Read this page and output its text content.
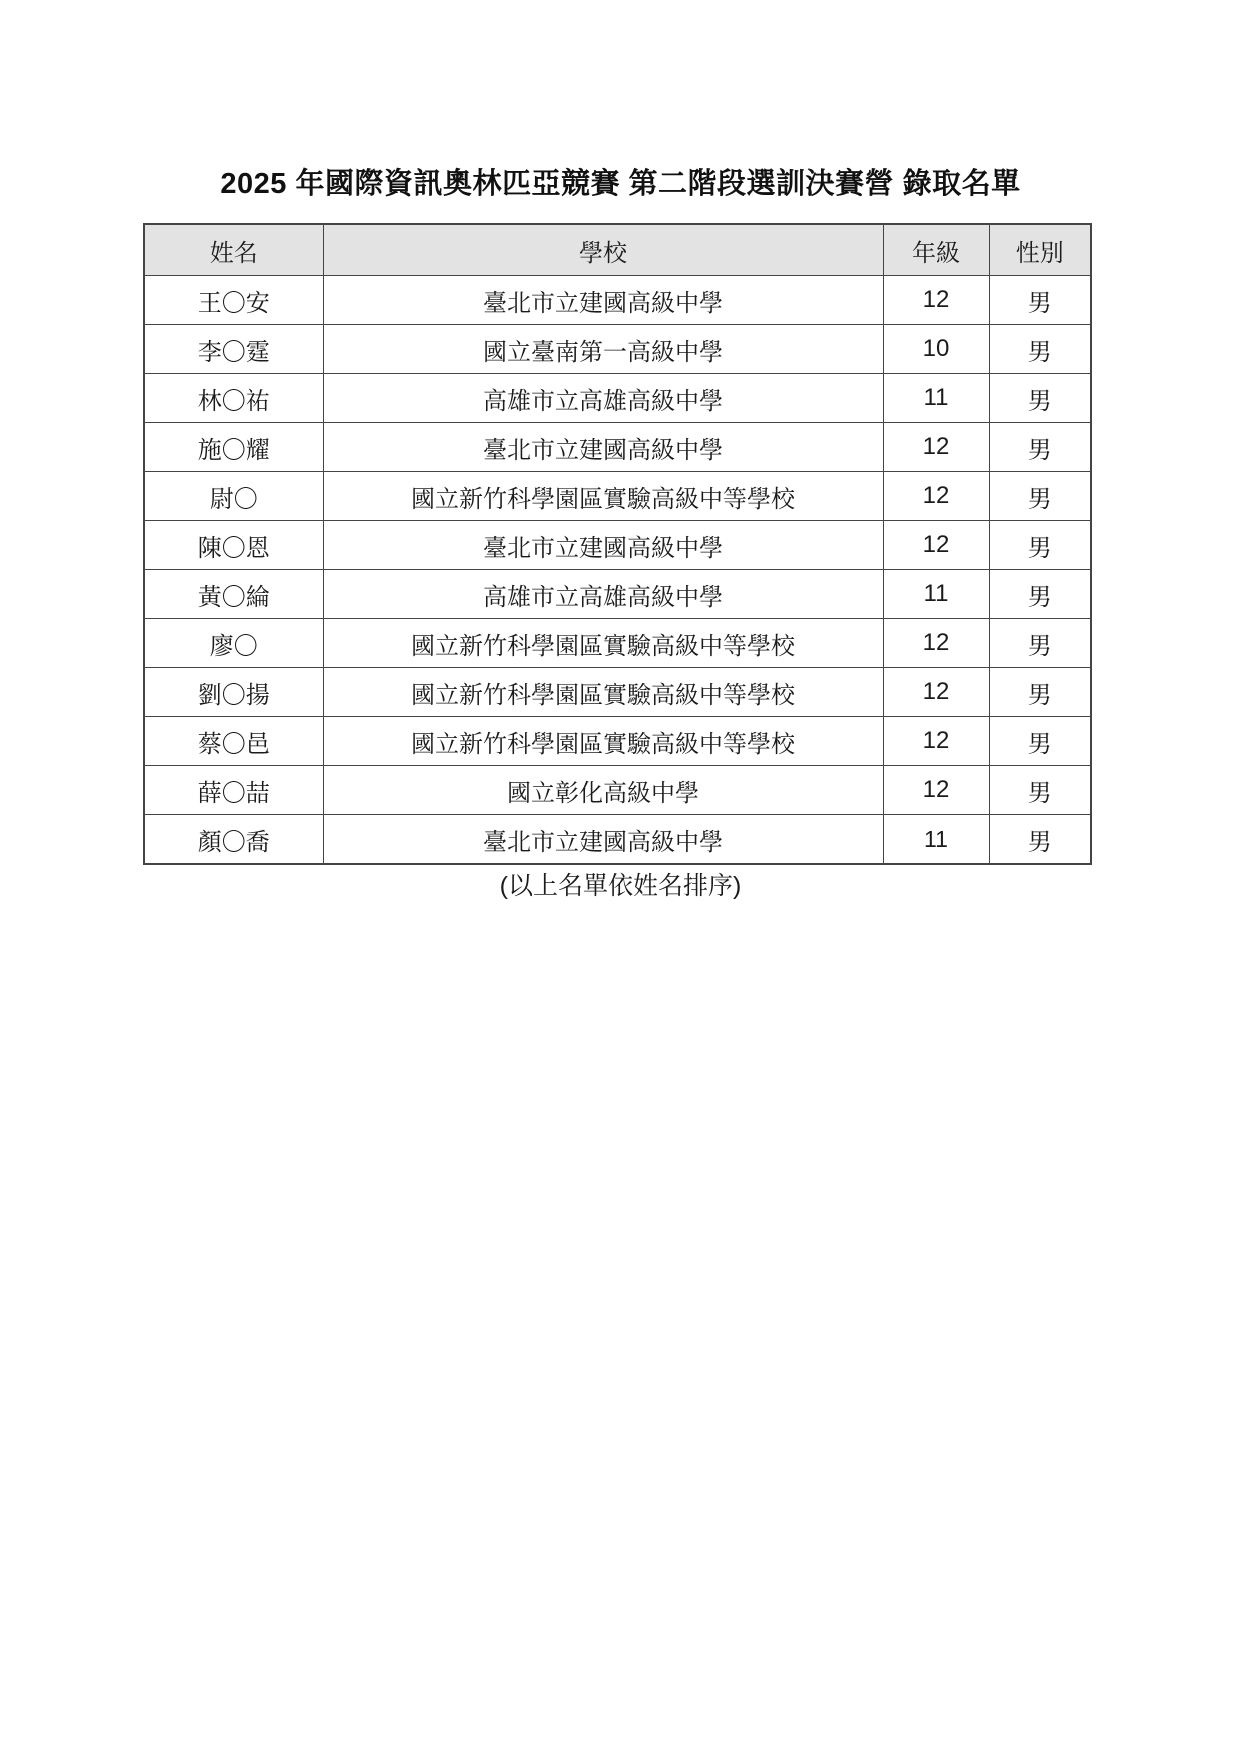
2025 年國際資訊奧林匹亞競賽 第二階段選訓決賽營 錄取名單
姓名	學校	年級	性別
王〇安	臺北市立建國高級中學	12	男
李〇霆	國立臺南第一高級中學	10	男
林〇祐	高雄市立高雄高級中學	11	男
施〇耀	臺北市立建國高級中學	12	男
尉〇	國立新竹科學園區實驗高級中等學校	12	男
陳〇恩	臺北市立建國高級中學	12	男
黃〇綸	高雄市立高雄高級中學	11	男
廖〇	國立新竹科學園區實驗高級中等學校	12	男
劉〇揚	國立新竹科學園區實驗高級中等學校	12	男
蔡〇邑	國立新竹科學園區實驗高級中等學校	12	男
薛〇喆	國立彰化高級中學	12	男
顏〇喬	臺北市立建國高級中學	11	男
(以上名單依姓名排序)
